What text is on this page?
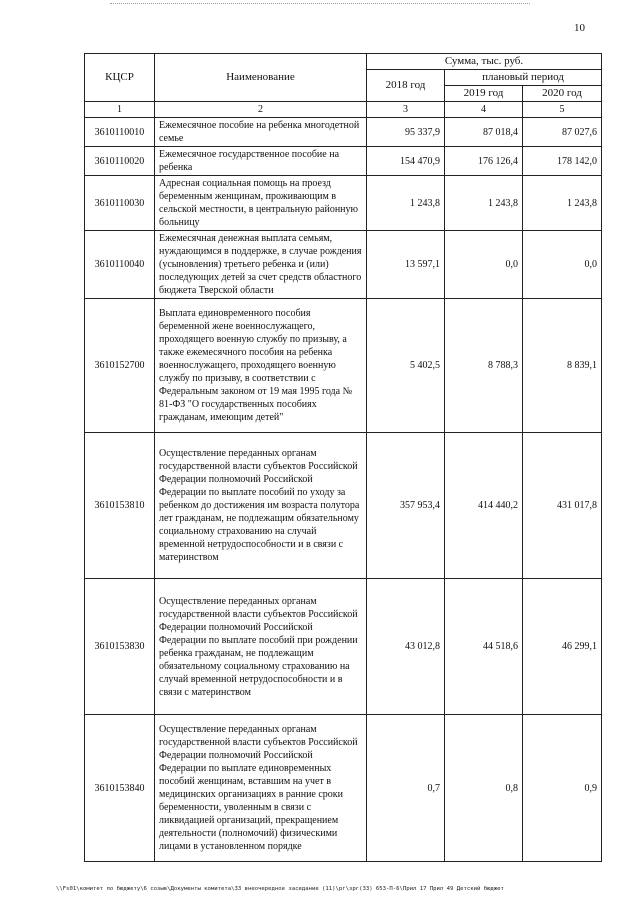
10
КЦСР	Наименование	Сумма, тыс. руб.		
		2018 год	плановый период	
			2019 год	2020 год
1	2	3	4	5
3610110010	Ежемесячное пособие на ребенка многодетной семье	95 337,9	87 018,4	87 027,6
3610110020	Ежемесячное государственное пособие на ребенка	154 470,9	176 126,4	178 142,0
3610110030	Адресная социальная помощь на проезд беременным женщинам, проживающим в сельской местности, в центральную районную больницу	1 243,8	1 243,8	1 243,8
3610110040	Ежемесячная денежная выплата семьям, нуждающимся в поддержке, в случае рождения (усыновления) третьего ребенка и (или) последующих детей за счет средств областного бюджета Тверской области	13 597,1	0,0	0,0
3610152700	Выплата единовременного пособия беременной жене военнослужащего, проходящего военную службу по призыву, а также ежемесячного пособия на ребенка военнослужащего, проходящего военную службу по призыву, в соответствии с Федеральным законом от 19 мая 1995 года № 81-ФЗ "О государственных пособиях гражданам, имеющим детей"	5 402,5	8 788,3	8 839,1
3610153810	Осуществление переданных органам государственной власти субъектов Российской Федерации полномочий Российской Федерации по выплате пособий по уходу за ребенком до достижения им возраста полутора лет гражданам, не подлежащим обязательному социальному страхованию на случай временной нетрудоспособности и в связи с материнством	357 953,4	414 440,2	431 017,8
3610153830	Осуществление переданных органам государственной власти субъектов Российской Федерации полномочий Российской Федерации по выплате пособий при рождении ребенка гражданам, не подлежащим обязательному социальному страхованию на случай временной нетрудоспособности и в связи с материнством	43 012,8	44 518,6	46 299,1
3610153840	Осуществление переданных органам государственной власти субъектов Российской Федерации полномочий Российской Федерации по выплате единовременных пособий женщинам, вставшим на учет в медицинских организациях в ранние сроки беременности, уволенным в связи с ликвидацией организаций, прекращением деятельности (полномочий) физическими лицами в установленном порядке	0,7	0,8	0,9
\\Fs01\комитет по бюджету\6 созыв\Документы комитета\33 внеочередное заседание (11)\рг\зрг(33) 653-П-6\Прил 17 Прил 49 Детский бюджет
